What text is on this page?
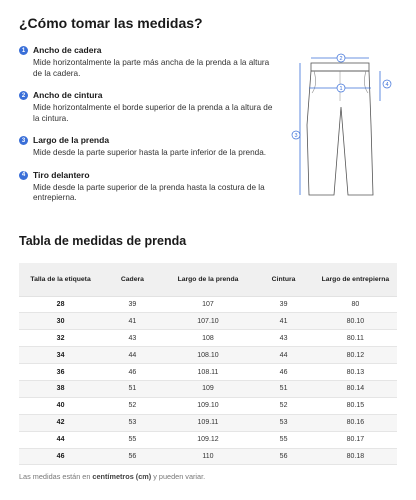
¿Cómo tomar las medidas?
1 Ancho de cadera
Mide horizontalmente la parte más ancha de la prenda a la altura de la cadera.
2 Ancho de cintura
Mide horizontalmente el borde superior de la prenda a la altura de la cintura.
3 Largo de la prenda
Mide desde la parte superior hasta la parte inferior de la prenda.
4 Tiro delantero
Mide desde la parte superior de la prenda hasta la costura de la entrepierna.
2
1
4
3
Tabla de medidas de prenda
Talla de la etiqueta	Cadera	Largo de la prenda	Cintura	Largo de entrepierna
28	39	107	39	80
30	41	107.10	41	80.10
32	43	108	43	80.11
34	44	108.10	44	80.12
36	46	108.11	46	80.13
38	51	109	51	80.14
40	52	109.10	52	80.15
42	53	109.11	53	80.16
44	55	109.12	55	80.17
46	56	110	56	80.18
Las medidas están en centímetros (cm) y pueden variar.
